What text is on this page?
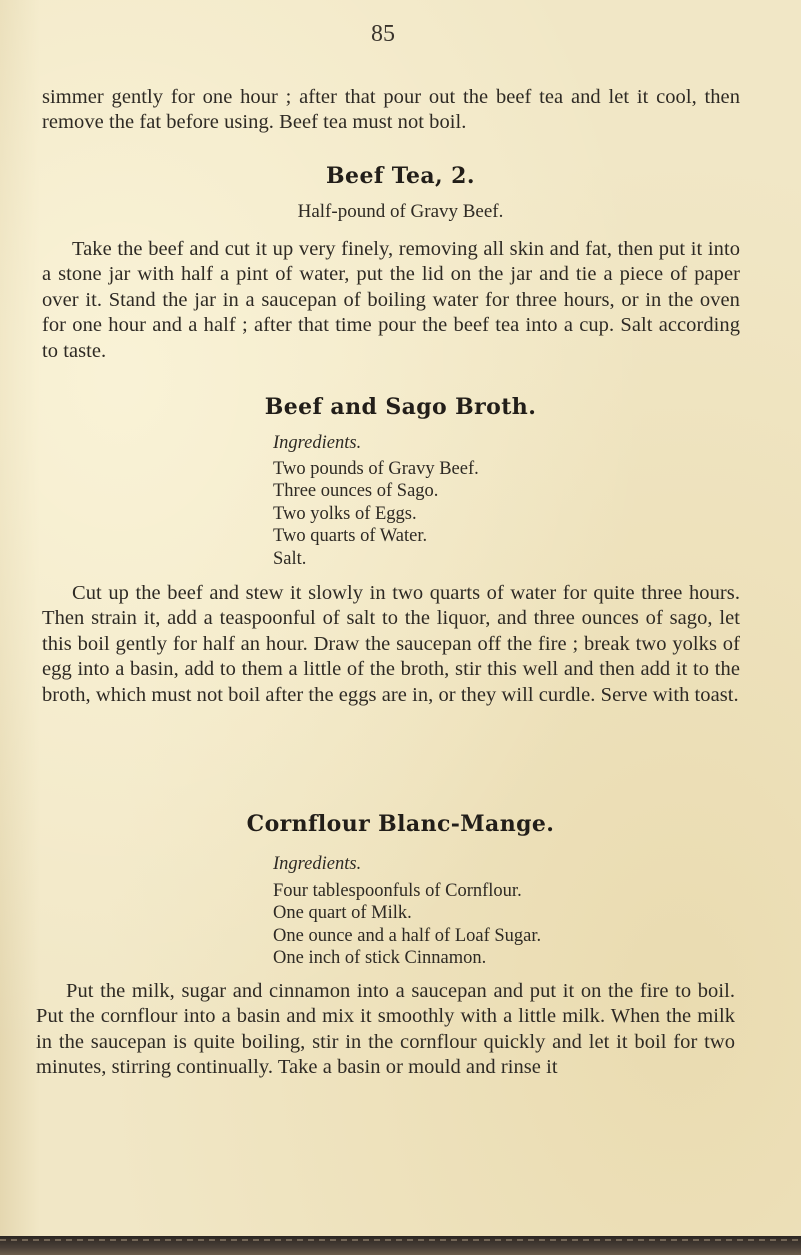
85

simmer gently for one hour ; after that pour out the beef tea and let it cool, then remove the fat before using. Beef tea must not boil.

Beef Tea, 2.

Half-pound of Gravy Beef.

Take the beef and cut it up very finely, removing all skin and fat, then put it into a stone jar with half a pint of water, put the lid on the jar and tie a piece of paper over it. Stand the jar in a saucepan of boiling water for three hours, or in the oven for one hour and a half ; after that time pour the beef tea into a cup. Salt according to taste.

Beef and Sago Broth.

Ingredients.

Two pounds of Gravy Beef.
Three ounces of Sago.
Two yolks of Eggs.
Two quarts of Water.
Salt.

Cut up the beef and stew it slowly in two quarts of water for quite three hours. Then strain it, add a teaspoonful of salt to the liquor, and three ounces of sago, let this boil gently for half an hour. Draw the saucepan off the fire ; break two yolks of egg into a basin, add to them a little of the broth, stir this well and then add it to the broth, which must not boil after the eggs are in, or they will curdle. Serve with toast.

Cornflour Blanc-Mange.

Ingredients.

Four tablespoonfuls of Cornflour.
One quart of Milk.
One ounce and a half of Loaf Sugar.
One inch of stick Cinnamon.

Put the milk, sugar and cinnamon into a saucepan and put it on the fire to boil. Put the cornflour into a basin and mix it smoothly with a little milk. When the milk in the saucepan is quite boiling, stir in the cornflour quickly and let it boil for two minutes, stirring continually. Take a basin or mould and rinse it
